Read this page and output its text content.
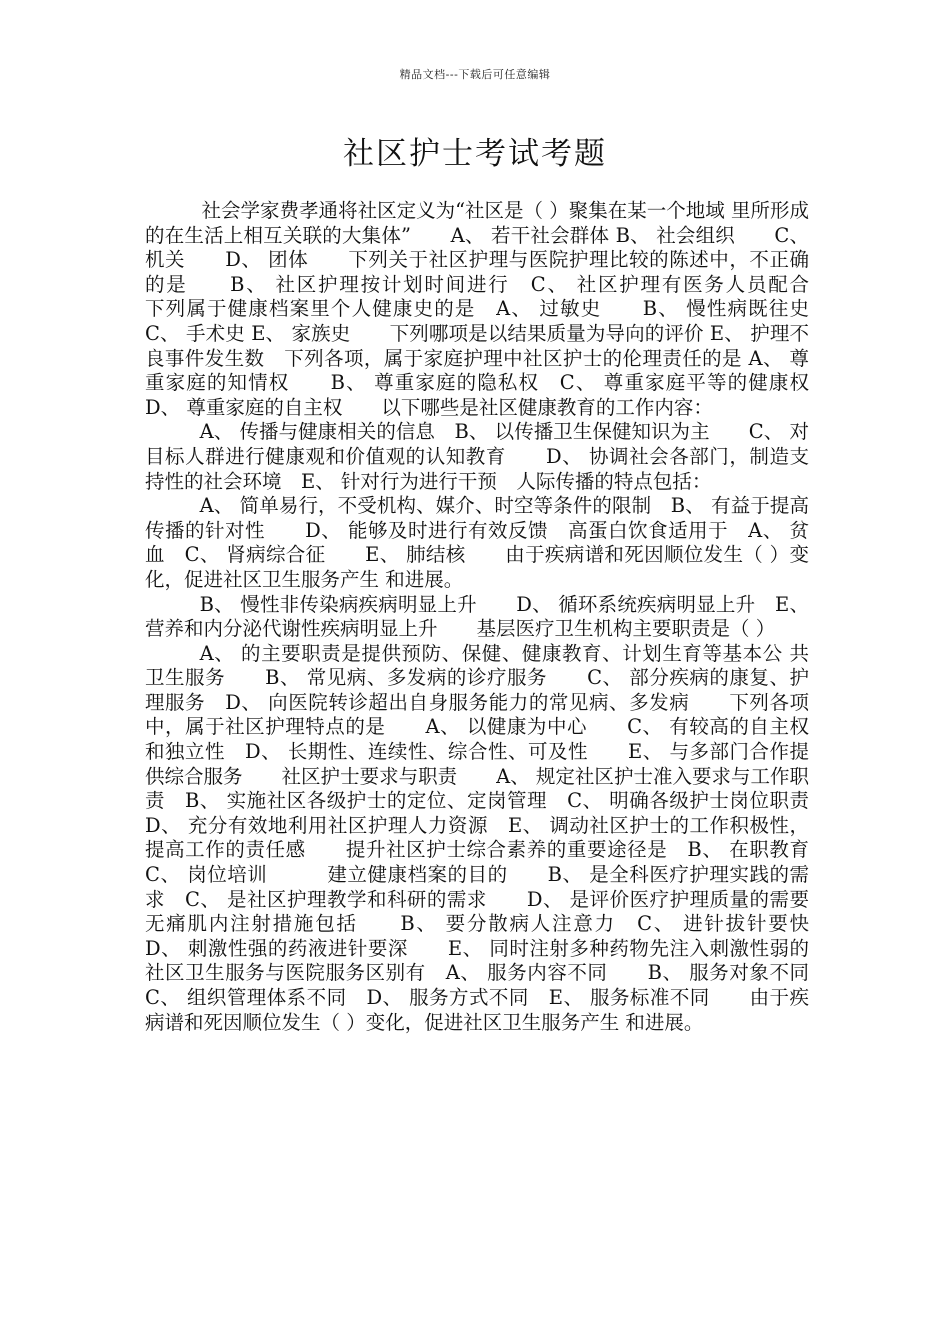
精品文档---下载后可任意编辑
社区护士考试考题

社会学家费孝通将社区定义为“社区是（ ）聚集在某一个地域 里所形成的在生活上相互关联的大集体”　　A、 若干社会群体 B、 社会组织　　C、 机关　　D、 团体　　下列关于社区护理与医院护理比较的陈述中，不正确的是　　B、 社区护理按计划时间进行　C、 社区护理有医务人员配合　　下列属于健康档案里个人健康史的是　A、 过敏史　　B、 慢性病既往史　　C、 手术史 E、 家族史　　下列哪项是以结果质量为导向的评价 E、 护理不良事件发生数　下列各项，属于家庭护理中社区护士的伦理责任的是 A、 尊重家庭的知情权　　B、 尊重家庭的隐私权　C、 尊重家庭平等的健康权　D、 尊重家庭的自主权　　以下哪些是社区健康教育的工作内容：

A、 传播与健康相关的信息　B、 以传播卫生保健知识为主　　C、 对目标人群进行健康观和价值观的认知教育　　D、 协调社会各部门，制造支持性的社会环境　E、 针对行为进行干预　人际传播的特点包括：

A、 简单易行，不受机构、媒介、时空等条件的限制　B、 有益于提高传播的针对性　　D、 能够及时进行有效反馈　高蛋白饮食适用于　A、 贫血　C、 肾病综合征　　E、 肺结核　　由于疾病谱和死因顺位发生（ ）变化，促进社区卫生服务产生 和进展。

B、 慢性非传染病疾病明显上升　　D、 循环系统疾病明显上升　E、 营养和内分泌代谢性疾病明显上升　　基层医疗卫生机构主要职责是（ ）

A、 的主要职责是提供预防、保健、健康教育、计划生育等基本公 共卫生服务　　B、 常见病、多发病的诊疗服务　　C、 部分疾病的康复、护理服务　D、 向医院转诊超出自身服务能力的常见病、多发病　　下列各项中，属于社区护理特点的是　　A、 以健康为中心　　C、 有较高的自主权和独立性　D、 长期性、连续性、综合性、可及性　　E、 与多部门合作提供综合服务　　社区护士要求与职责　　A、 规定社区护士准入要求与工作职责　B、 实施社区各级护士的定位、定岗管理　C、 明确各级护士岗位职责 D、 充分有效地利用社区护理人力资源　E、 调动社区护士的工作积极性，提高工作的责任感　　提升社区护士综合素养的重要途径是　B、 在职教育　　C、 岗位培训　　　建立健康档案的目的　　B、 是全科医疗护理实践的需求　C、 是社区护理教学和科研的需求　　D、 是评价医疗护理质量的需要　　无痛肌内注射措施包括　　B、 要分散病人注意力　C、 进针拔针要快　　D、 刺激性强的药液进针要深　　E、 同时注射多种药物先注入刺激性弱的　　社区卫生服务与医院服务区别有　A、 服务内容不同　　B、 服务对象不同　　C、 组织管理体系不同　D、 服务方式不同　E、 服务标准不同　　由于疾病谱和死因顺位发生（ ）变化，促进社区卫生服务产生 和进展。
